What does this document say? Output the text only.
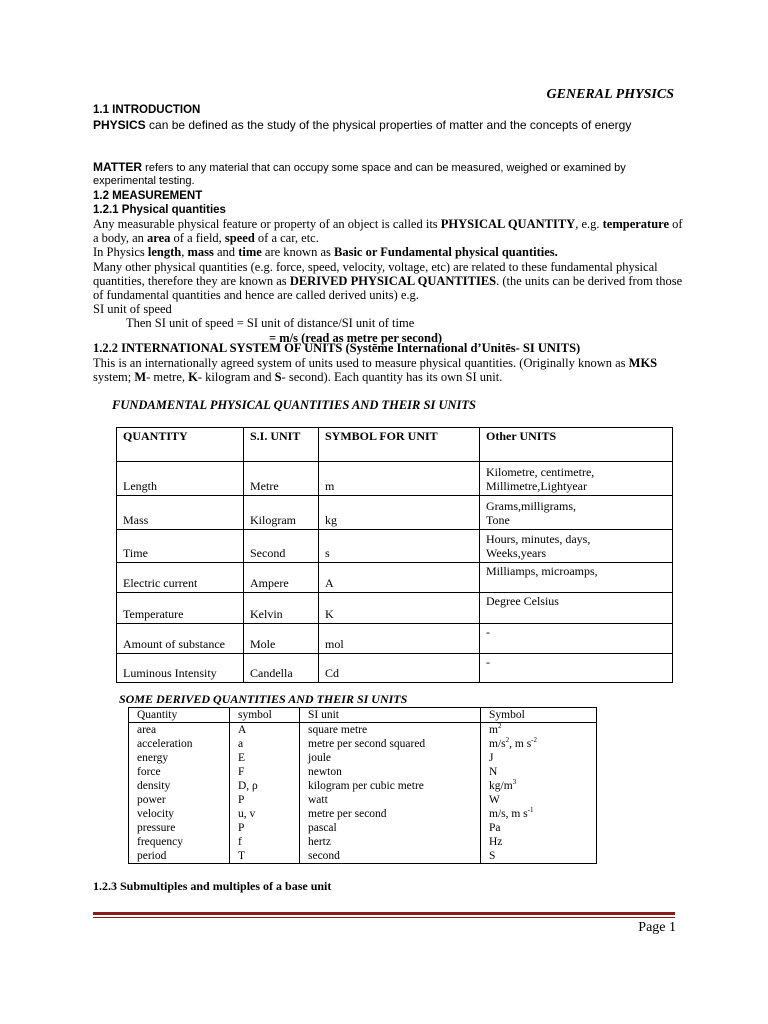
GENERAL PHYSICS
1.1 INTRODUCTION
PHYSICS can be defined as the study of the physical properties of matter and the concepts of energy
MATTER refers to any material that can occupy some space and can be measured, weighed or examined by experimental testing.
1.2 MEASUREMENT
1.2.1 Physical quantities
Any measurable physical feature or property of an object is called its PHYSICAL QUANTITY, e.g. temperature of a body, an area of a field, speed of a car, etc.
In Physics length, mass and time are known as Basic or Fundamental physical quantities.
Many other physical quantities (e.g. force, speed, velocity, voltage, etc) are related to these fundamental physical quantities, therefore they are known as DERIVED PHYSICAL QUANTITIES. (the units can be derived from those of fundamental quantities and hence are called derived units) e.g.
SI unit of speed
Then SI unit of speed = SI unit of distance/SI unit of time
= m/s (read as metre per second)
1.2.2 INTERNATIONAL SYSTEM OF UNITS (Systēme International d’Unitēs- SI UNITS)
This is an internationally agreed system of units used to measure physical quantities. (Originally known as MKS system; M- metre, K- kilogram and S- second). Each quantity has its own SI unit.
FUNDAMENTAL PHYSICAL QUANTITIES AND THEIR SI UNITS
QUANTITY	S.I. UNIT	SYMBOL FOR UNIT	Other UNITS
Length	Metre	m	Kilometre, centimetre,
Millimetre,Lightyear

Mass	Kilogram	kg	Grams,milligrams,
Tone

Time	Second	s	Hours, minutes, days,
Weeks,years

Electric current	Ampere	A	Milliamps, microamps,
Temperature	Kelvin	K	Degree Celsius
Amount of substance	Mole	mol	-
Luminous Intensity	Candella	Cd	-
SOME DERIVED QUANTITIES AND THEIR SI UNITS
Quantity	symbol	SI unit	Symbol
area	A	square metre	$m^2$
acceleration	a	metre per second squared	$m/s^2$, m $s^{-2}$
energy	E	joule	J
force	F	newton	N
density	D, ρ	kilogram per cubic metre	$kg/m^3$
power	P	watt	W
velocity	u, v	metre per second	m/s, m $s^{-1}$
pressure	P	pascal	Pa
frequency	f	hertz	Hz
period	T	second	S
1.2.3 Submultiples and multiples of a base unit
Page 1
